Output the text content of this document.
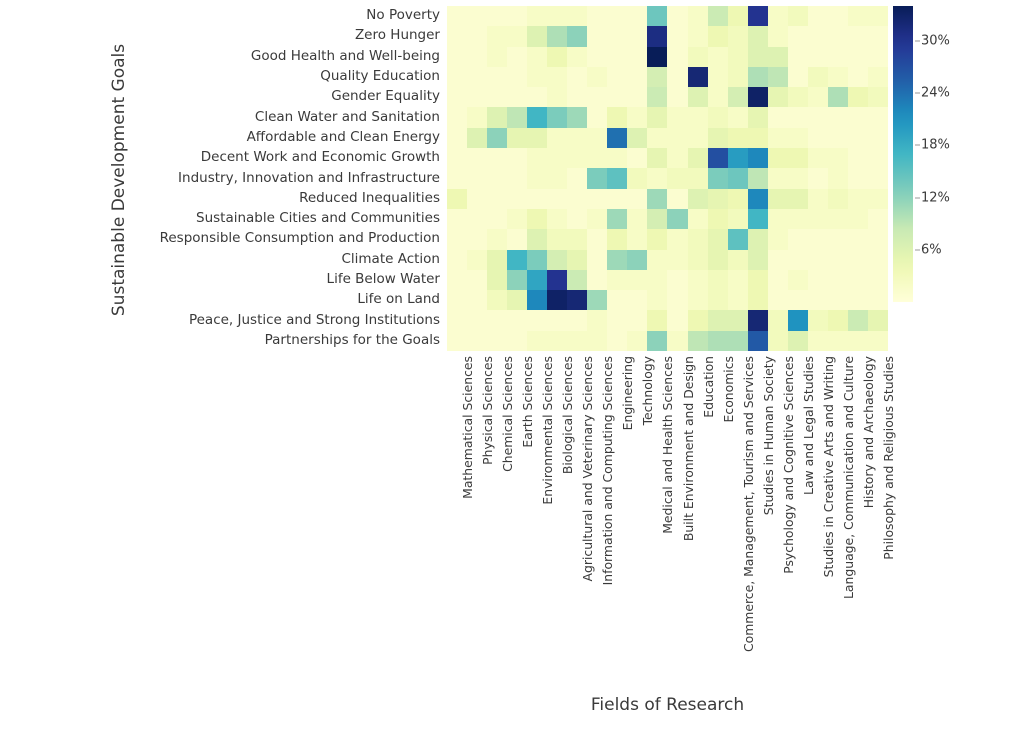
Sustainable Development Goals
No Poverty
Zero Hunger
Good Health and Well-being
Quality Education
Gender Equality
Clean Water and Sanitation
Affordable and Clean Energy
Decent Work and Economic Growth
Industry, Innovation and Infrastructure
Reduced Inequalities
Sustainable Cities and Communities
Responsible Consumption and Production
Climate Action
Life Below Water
Life on Land
Peace, Justice and Strong Institutions
Partnerships for the Goals
Mathematical Sciences Physical Sciences Chemical Sciences Earth Sciences Environmental Sciences Biological Sciences Agricultural and Veterinary Sciences Information and Computing Sciences Engineering Technology Medical and Health Sciences Built Environment and Design Education Economics Commerce, Management, Tourism and Services Studies in Human Society Psychology and Cognitive Sciences Law and Legal Studies Studies in Creative Arts and Writing Language, Communication and Culture History and Archaeology Philosophy and Religious Studies
Fields of Research
6%
12%
18%
24%
30%
